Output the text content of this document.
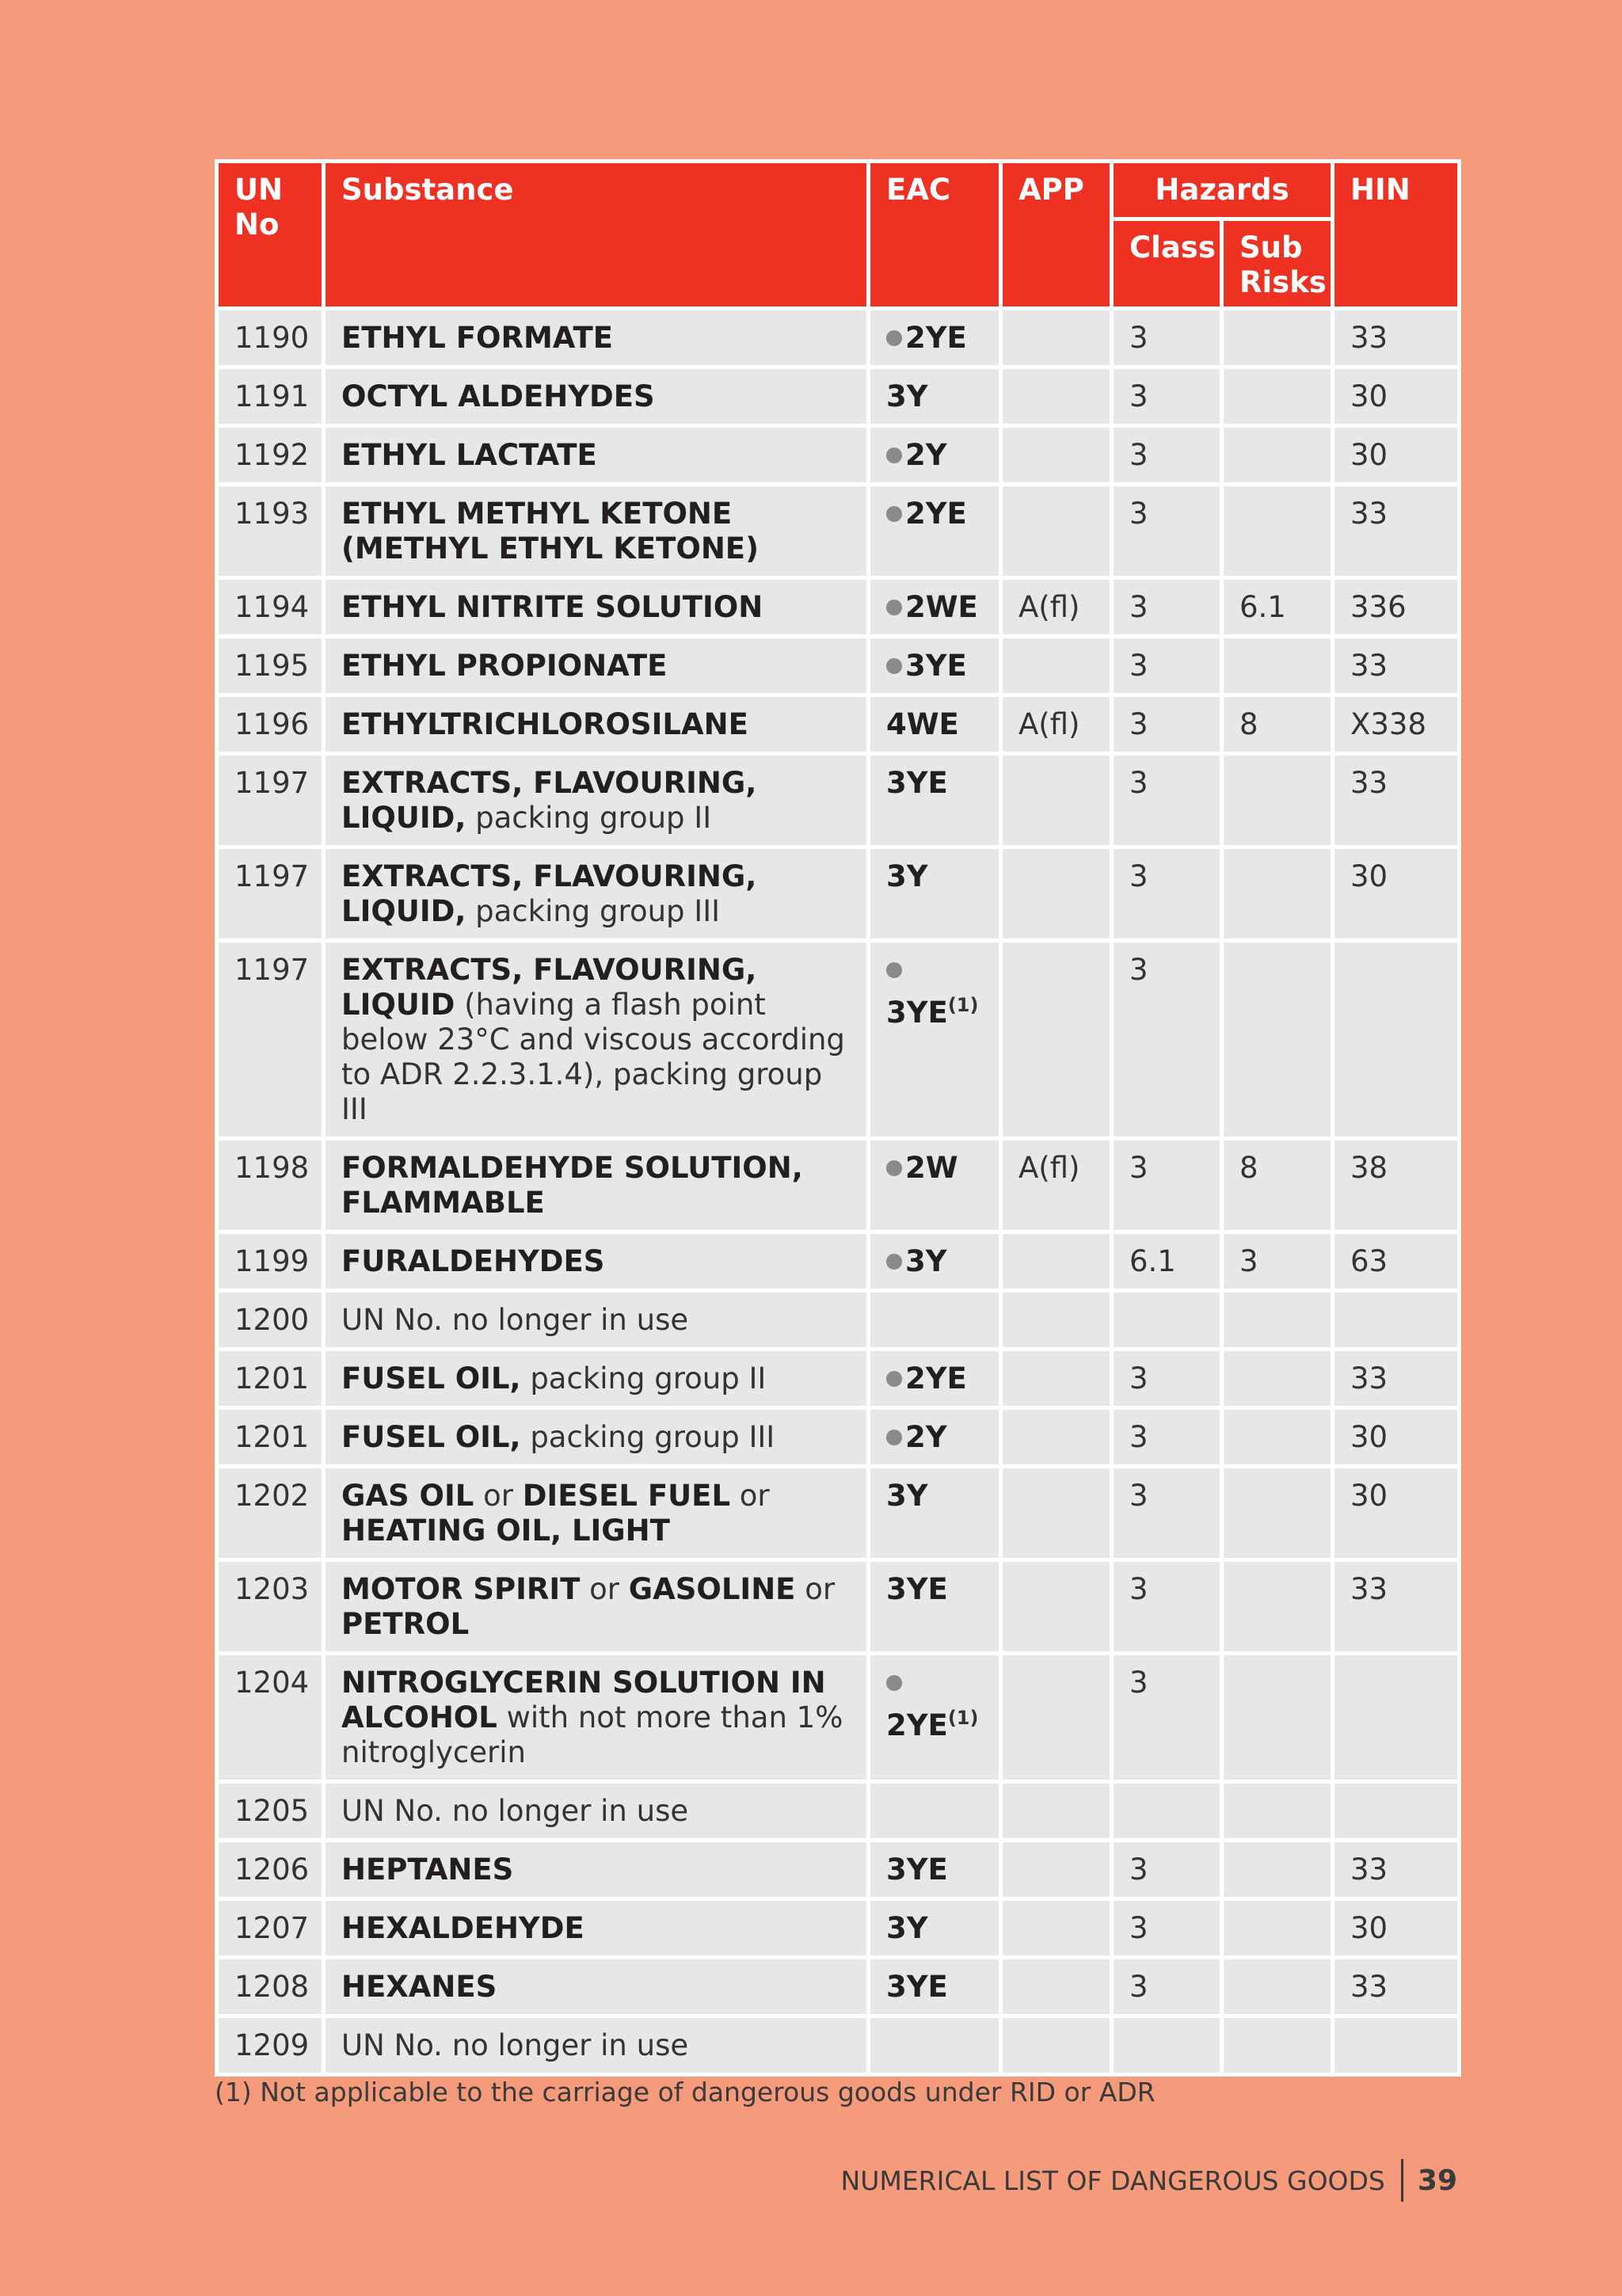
UN No	Substance	EAC	APP	Hazards		HIN
				Class	Sub Risks	
1190	ETHYL FORMATE	2YE		3		33
1191	OCTYL ALDEHYDES	3Y		3		30
1192	ETHYL LACTATE	2Y		3		30
1193	ETHYL METHYL KETONE (METHYL ETHYL KETONE)	2YE		3		33
1194	ETHYL NITRITE SOLUTION	2WE	A(fl)	3	6.1	336
1195	ETHYL PROPIONATE	3YE		3		33
1196	ETHYLTRICHLOROSILANE	4WE	A(fl)	3	8	X338
1197	EXTRACTS, FLAVOURING, LIQUID, packing group II	3YE		3		33
1197	EXTRACTS, FLAVOURING, LIQUID, packing group III	3Y		3		30
1197	EXTRACTS, FLAVOURING, LIQUID (having a flash point below 23°C and viscous according to ADR 2.2.3.1.4), packing group III	3YE$^{(1)}$		3		
1198	FORMALDEHYDE SOLUTION, FLAMMABLE	2W	A(fl)	3	8	38
1199	FURALDEHYDES	3Y		6.1	3	63
1200	UN No. no longer in use					
1201	FUSEL OIL, packing group II	2YE		3		33
1201	FUSEL OIL, packing group III	2Y		3		30
1202	GAS OIL or DIESEL FUEL or HEATING OIL, LIGHT	3Y		3		30
1203	MOTOR SPIRIT or GASOLINE or PETROL	3YE		3		33
1204	NITROGLYCERIN SOLUTION IN ALCOHOL with not more than 1% nitroglycerin	2YE$^{(1)}$		3		
1205	UN No. no longer in use					
1206	HEPTANES	3YE		3		33
1207	HEXALDEHYDE	3Y		3		30
1208	HEXANES	3YE		3		33
1209	UN No. no longer in use					
(1) Not applicable to the carriage of dangerous goods under RID or ADR
NUMERICAL LIST OF DANGEROUS GOODS 39
